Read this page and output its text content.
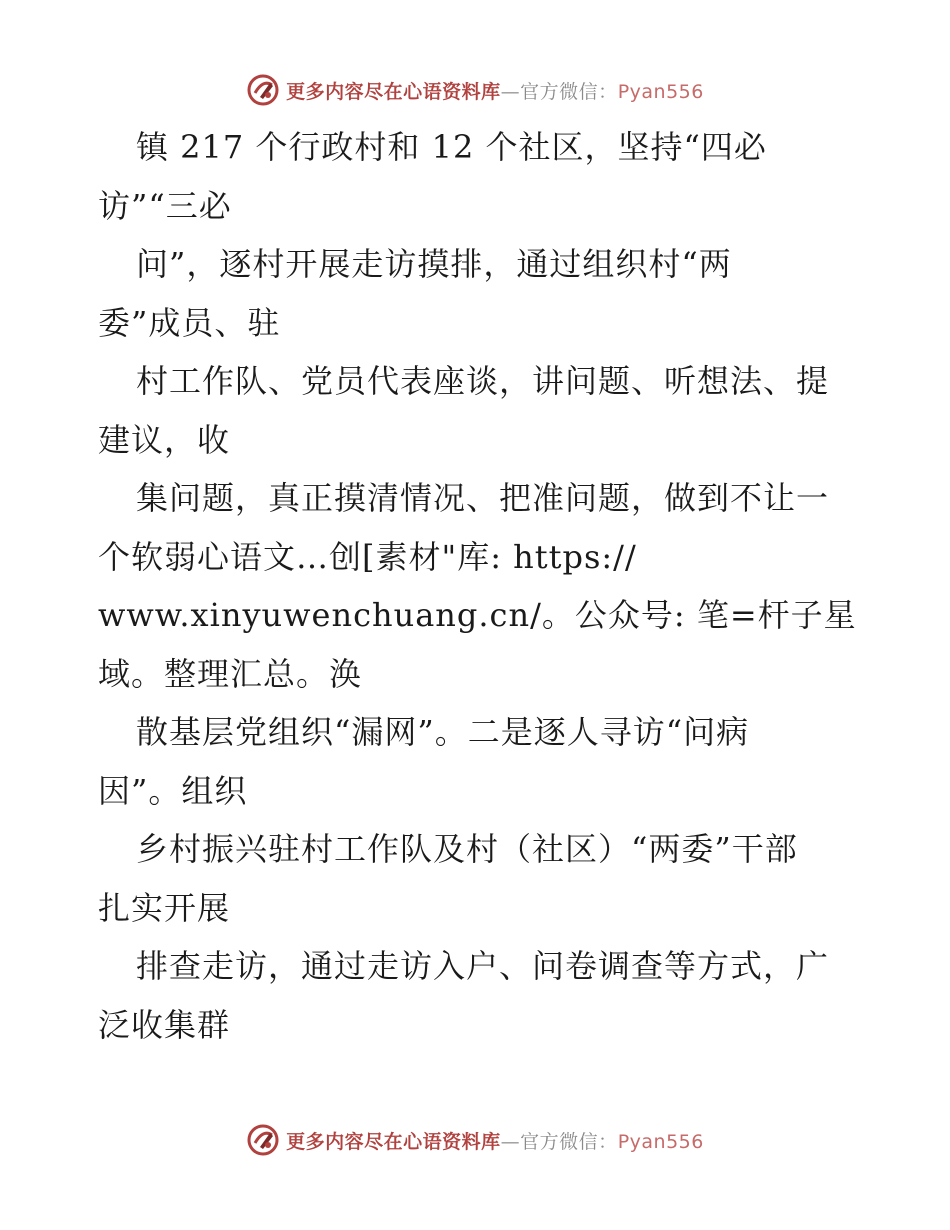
更多内容尽在心语资料库—官方微信：Pyan556
镇 217 个行政村和 12 个社区，坚持“四必
访”“三必
问”，逐村开展走访摸排，通过组织村“两
委”成员、驻
村工作队、党员代表座谈，讲问题、听想法、提
建议，收
集问题，真正摸清情况、把准问题，做到不让一
个软弱心语文…创[素材"库: https://
www.xinyuwenchuang.cn/。公众号: 笔=杆子星
域。整理汇总。涣
散基层党组织“漏网”。二是逐人寻访“问病
因”。组织
乡村振兴驻村工作队及村（社区）“两委”干部
扎实开展
排查走访，通过走访入户、问卷调查等方式，广
泛收集群
更多内容尽在心语资料库—官方微信：Pyan556
